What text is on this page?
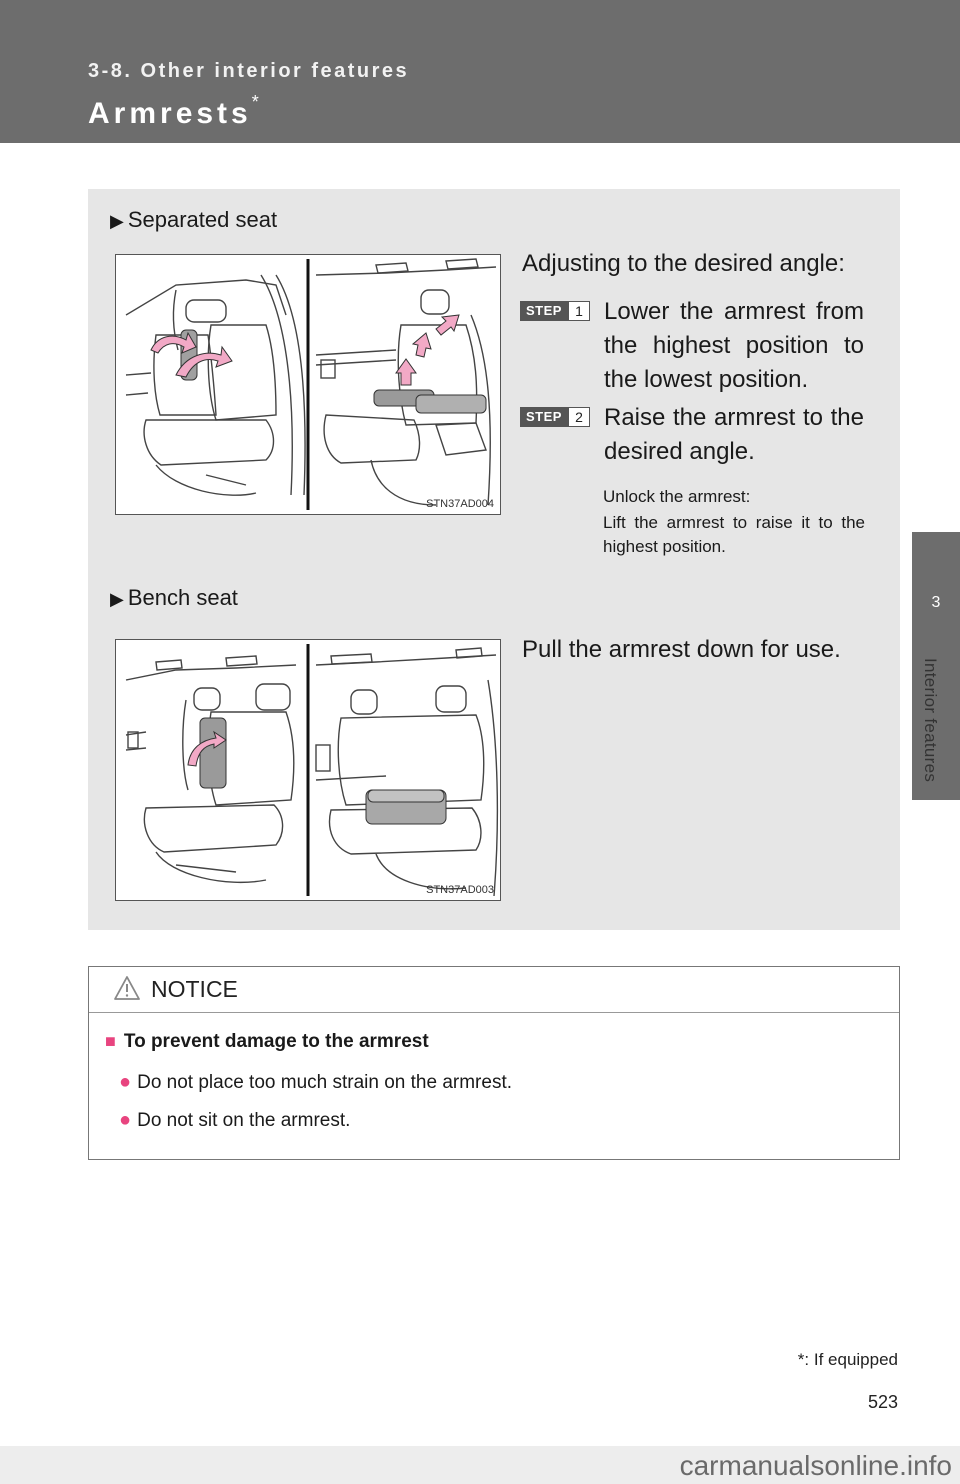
3-8. Other interior features
Armrests*
3
Interior features
▶ Separated seat
STN37AD004
Adjusting to the desired angle:
STEP 1 Lower the armrest from the highest position to the lowest position.
STEP 2 Raise the armrest to the desired angle.
Unlock the armrest:
Lift the armrest to raise it to the highest position.
▶ Bench seat
STN37AD003
Pull the armrest down for use.
NOTICE
■ To prevent damage to the armrest
● Do not place too much strain on the armrest.
● Do not sit on the armrest.
*: If equipped
523
carmanualsonline.info
